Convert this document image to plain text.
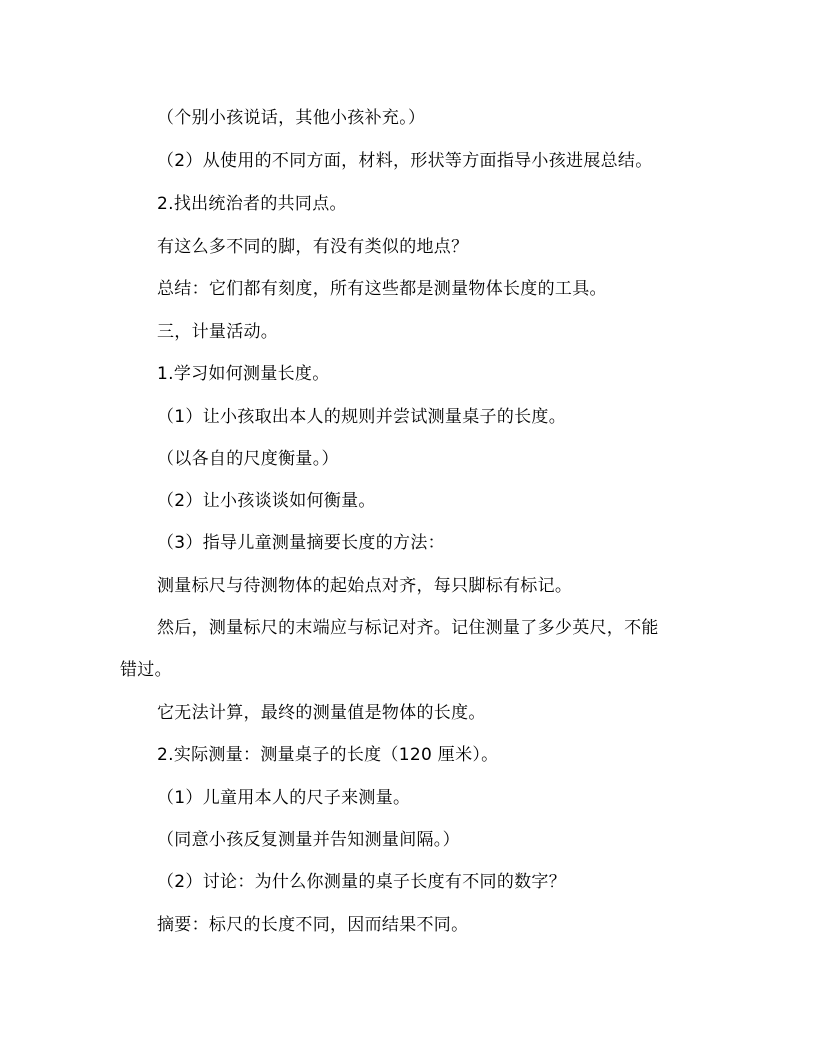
（个别小孩说话，其他小孩补充。）
（2）从使用的不同方面，材料，形状等方面指导小孩进展总结。
2.找出统治者的共同点。
有这么多不同的脚，有没有类似的地点？
总结：它们都有刻度，所有这些都是测量物体长度的工具。
三，计量活动。
1.学习如何测量长度。
（1）让小孩取出本人的规则并尝试测量桌子的长度。
（以各自的尺度衡量。）
（2）让小孩谈谈如何衡量。
（3）指导儿童测量摘要长度的方法：
测量标尺与待测物体的起始点对齐，每只脚标有标记。
然后，测量标尺的末端应与标记对齐。记住测量了多少英尺，不能
错过。
它无法计算，最终的测量值是物体的长度。
2.实际测量：测量桌子的长度（120 厘米）。
（1）儿童用本人的尺子来测量。
（同意小孩反复测量并告知测量间隔。）
（2）讨论：为什么你测量的桌子长度有不同的数字？
摘要：标尺的长度不同，因而结果不同。
